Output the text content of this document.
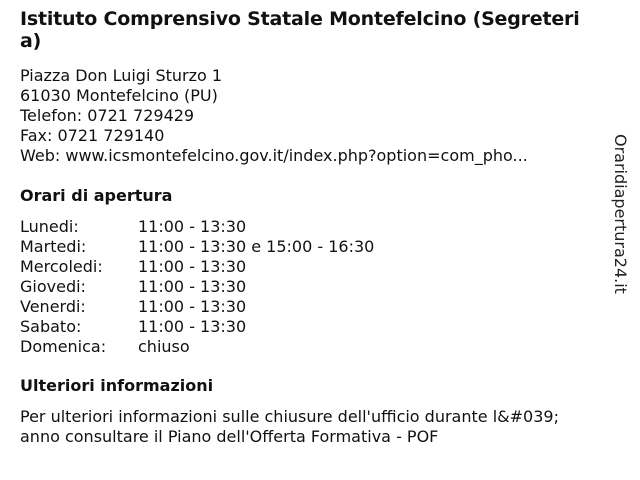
Istituto Comprensivo Statale Montefelcino (Segreteria)
Piazza Don Luigi Sturzo 1
61030 Montefelcino (PU)
Telefon: 0721 729429
Fax: 0721 729140
Web: www.icsmontefelcino.gov.it/index.php?option=com_pho...
Orari di apertura
Lunedi:	11:00 - 13:30
Martedi:	11:00 - 13:30 e 15:00 - 16:30
Mercoledi:	11:00 - 13:30
Giovedi:	11:00 - 13:30
Venerdi:	11:00 - 13:30
Sabato:	11:00 - 13:30
Domenica:	chiuso
Ulteriori informazioni
Per ulteriori informazioni sulle chiusure dell'ufficio durante l&#039;anno consultare il Piano dell'Offerta Formativa - POF
Oraridiapertura24.it
